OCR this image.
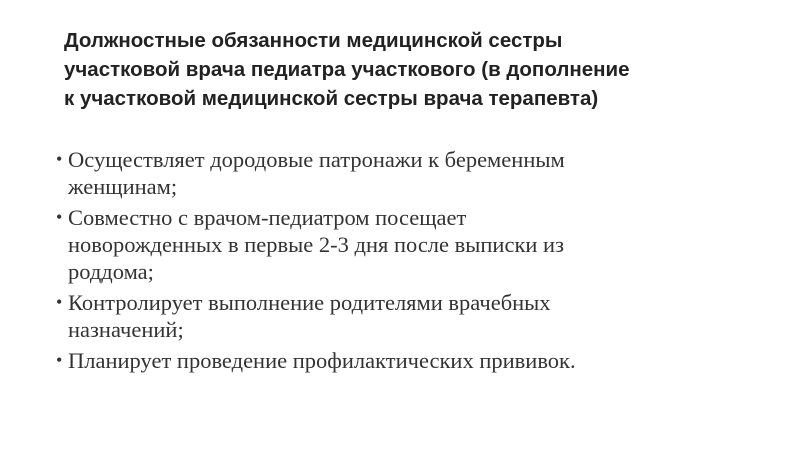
Должностные обязанности медицинской сестры
участковой врача педиатра участкового (в дополнение
к участковой медицинской сестры врача терапевта)
• Осуществляет дородовые патронажи к беременным
женщинам;
• Совместно с врачом-педиатром посещает
новорожденных в первые 2-3 дня после выписки из
роддома;
• Контролирует выполнение родителями врачебных
назначений;
• Планирует проведение профилактических прививок.
